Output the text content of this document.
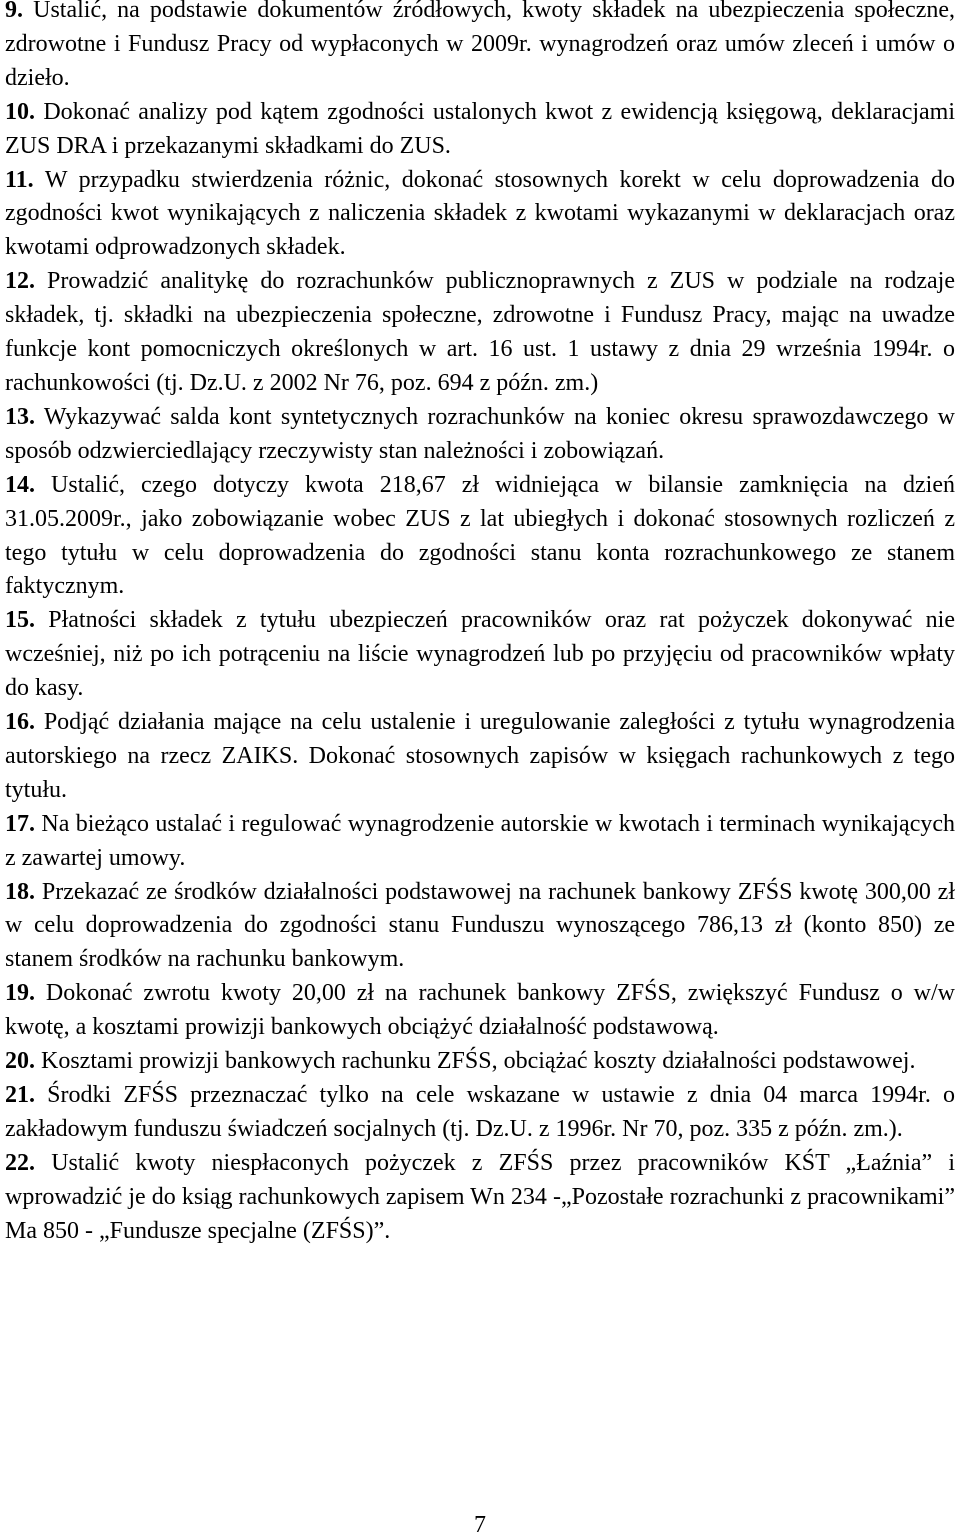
9. Ustalić, na podstawie dokumentów źródłowych, kwoty składek na ubezpieczenia społeczne, zdrowotne i Fundusz Pracy od wypłaconych w 2009r. wynagrodzeń oraz umów zleceń i umów o dzieło.

10. Dokonać analizy pod kątem zgodności ustalonych kwot z ewidencją księgową, deklaracjami ZUS DRA i przekazanymi składkami do ZUS.

11. W przypadku stwierdzenia różnic, dokonać stosownych korekt w celu doprowadzenia do zgodności kwot wynikających z naliczenia składek z kwotami wykazanymi w deklaracjach oraz kwotami odprowadzonych składek.

12. Prowadzić analitykę do rozrachunków publicznoprawnych z ZUS w podziale na rodzaje składek, tj. składki na ubezpieczenia społeczne, zdrowotne i Fundusz Pracy, mając na uwadze funkcje kont pomocniczych określonych w art. 16 ust. 1 ustawy z dnia 29 września 1994r. o rachunkowości (tj. Dz.U. z 2002 Nr 76, poz. 694 z późn. zm.)

13. Wykazywać salda kont syntetycznych rozrachunków na koniec okresu sprawozdawczego w sposób odzwierciedlający rzeczywisty stan należności i zobowiązań.

14. Ustalić, czego dotyczy kwota 218,67 zł widniejąca w bilansie zamknięcia na dzień 31.05.2009r., jako zobowiązanie wobec ZUS z lat ubiegłych i dokonać stosownych rozliczeń z tego tytułu w celu doprowadzenia do zgodności stanu konta rozrachunkowego ze stanem faktycznym.

15. Płatności składek z tytułu ubezpieczeń pracowników oraz rat pożyczek dokonywać nie wcześniej, niż po ich potrąceniu na liście wynagrodzeń lub po przyjęciu od pracowników wpłaty do kasy.

16. Podjąć działania mające na celu ustalenie i uregulowanie zaległości z tytułu wynagrodzenia autorskiego na rzecz ZAIKS. Dokonać stosownych zapisów w księgach rachunkowych z tego tytułu.

17. Na bieżąco ustalać i regulować wynagrodzenie autorskie w kwotach i terminach wynikających z zawartej umowy.

18. Przekazać ze środków działalności podstawowej na rachunek bankowy ZFŚS kwotę 300,00 zł w celu doprowadzenia do zgodności stanu Funduszu wynoszącego 786,13 zł (konto 850) ze stanem środków na rachunku bankowym.

19. Dokonać zwrotu kwoty 20,00 zł na rachunek bankowy ZFŚS, zwiększyć Fundusz o w/w kwotę, a kosztami prowizji bankowych obciążyć działalność podstawową.

20. Kosztami prowizji bankowych rachunku ZFŚS, obciążać koszty działalności podstawowej.

21. Środki ZFŚS przeznaczać tylko na cele wskazane w ustawie z dnia 04 marca 1994r. o zakładowym funduszu świadczeń socjalnych (tj. Dz.U. z 1996r. Nr 70, poz. 335 z późn. zm.).

22. Ustalić kwoty niespłaconych pożyczek z ZFŚS przez pracowników KŚT „Łaźnia” i wprowadzić je do ksiąg rachunkowych zapisem Wn 234 -„Pozostałe rozrachunki z pracownikami” Ma 850 - „Fundusze specjalne (ZFŚS)”.

7
